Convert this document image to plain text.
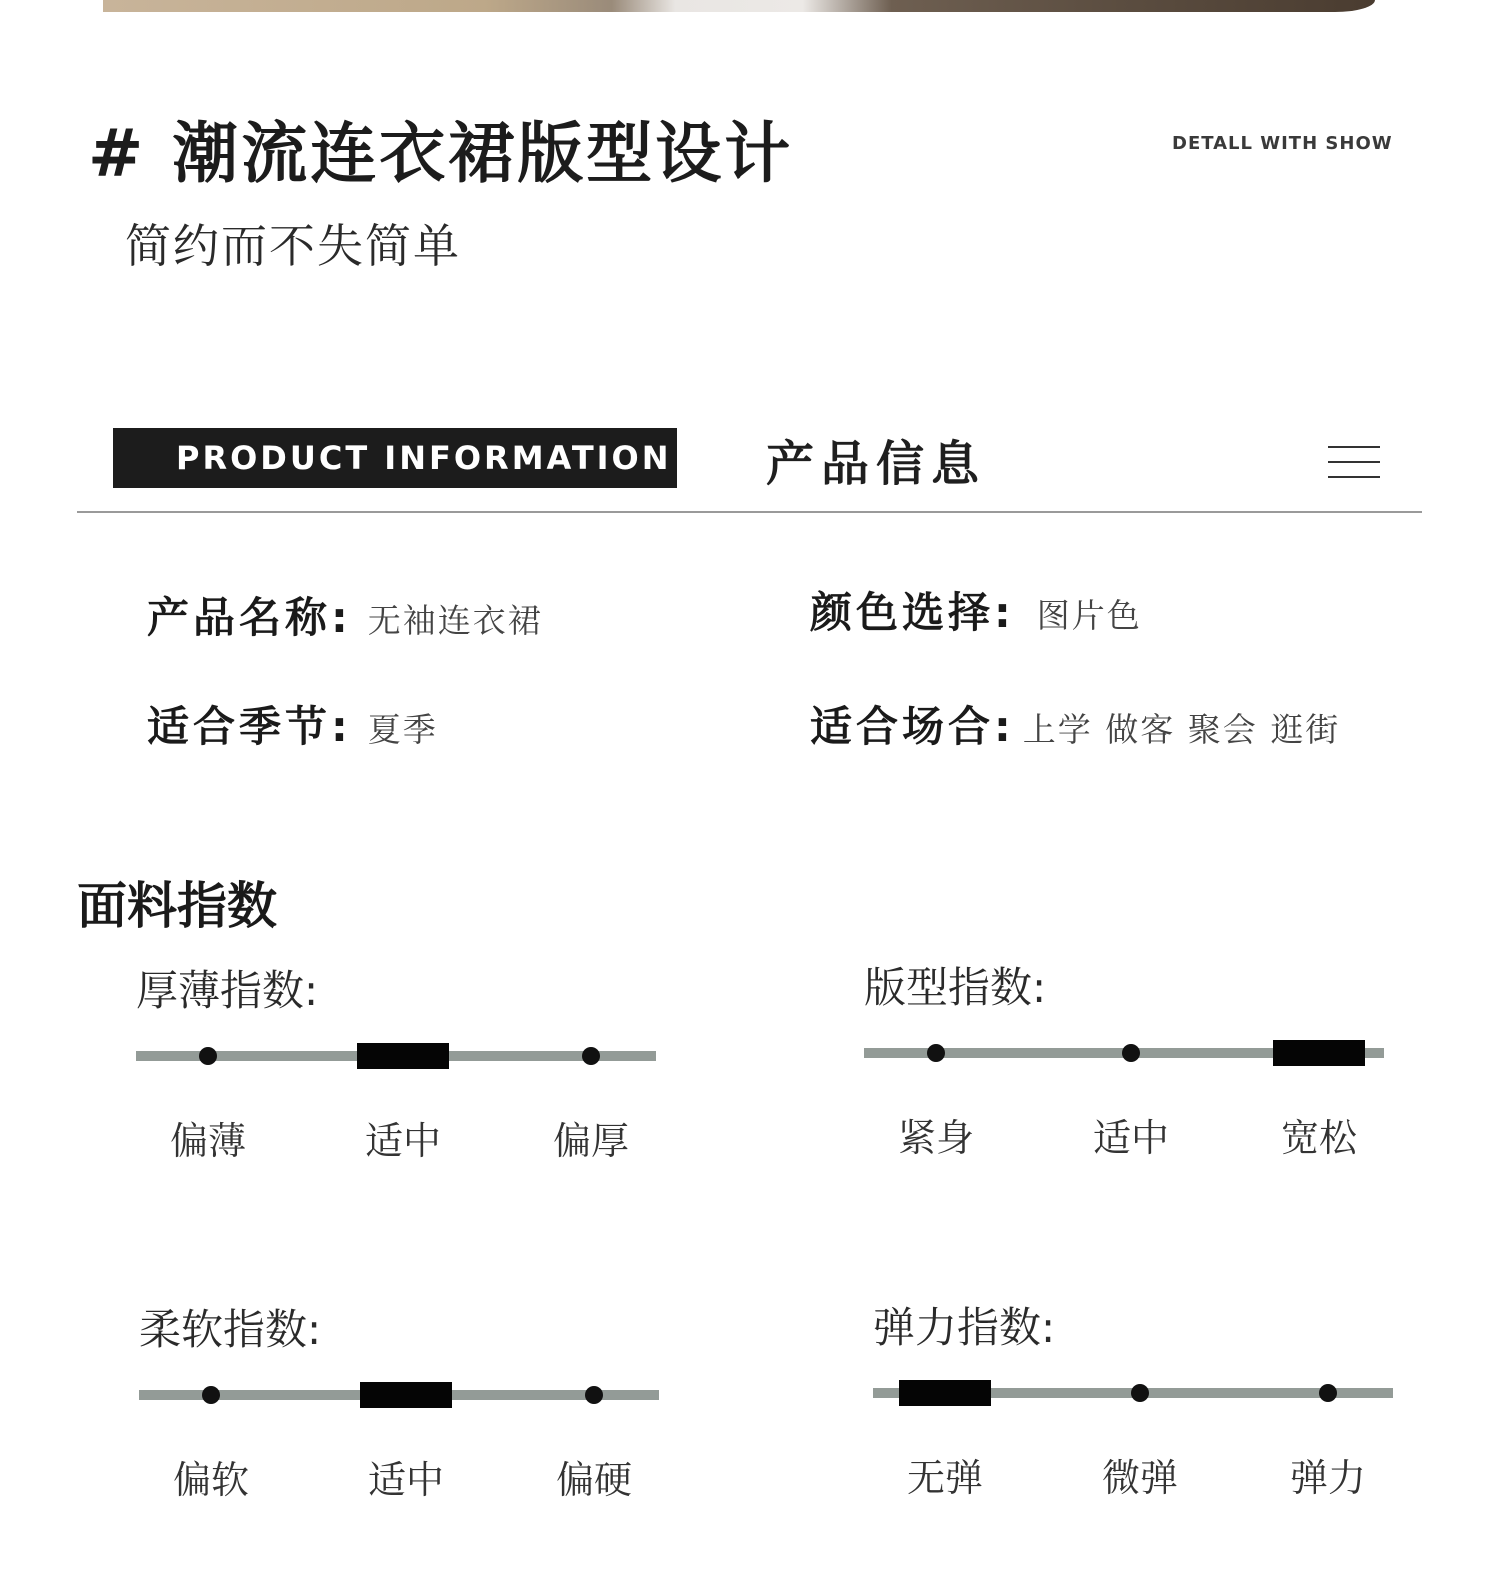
# 潮流连衣裙版型设计	DETALL WITH SHOW
简约而不失简单
PRODUCT INFORMATION 产品信息
产品名称: 无袖连衣裙	颜色选择: 图片色
适合季节: 夏季	适合场合: 上学 做客 聚会 逛街
面料指数
厚薄指数:
偏薄	适中	偏厚
版型指数:
紧身	适中	宽松
柔软指数:
偏软	适中	偏硬
弹力指数:
无弹	微弹	弹力
